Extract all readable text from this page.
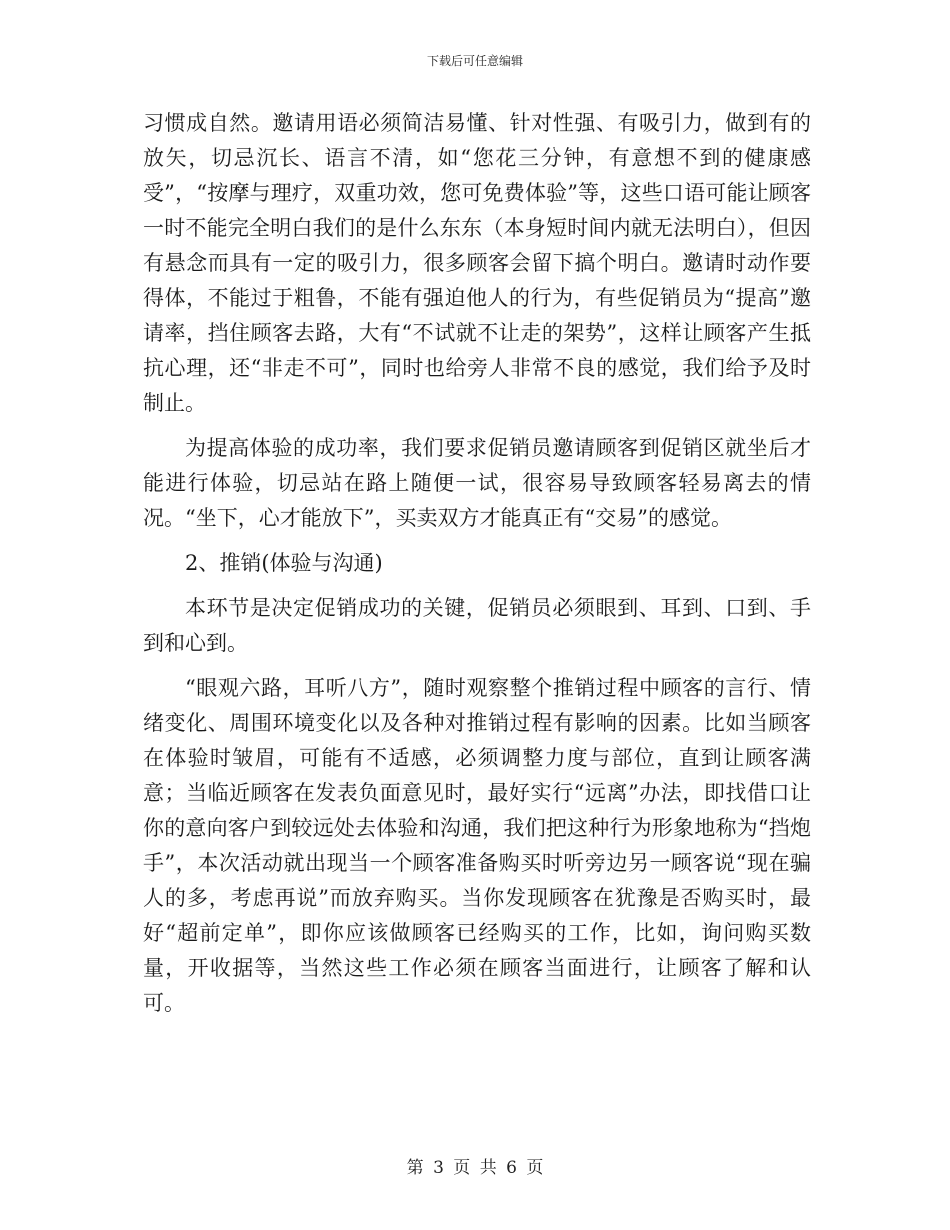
下载后可任意编辑

习惯成自然。邀请用语必须简洁易懂、针对性强、有吸引力，做到有的放矢，切忌沉长、语言不清，如“您花三分钟，有意想不到的健康感受”，“按摩与理疗，双重功效，您可免费体验”等，这些口语可能让顾客一时不能完全明白我们的是什么东东（本身短时间内就无法明白），但因有悬念而具有一定的吸引力，很多顾客会留下搞个明白。邀请时动作要得体，不能过于粗鲁，不能有强迫他人的行为，有些促销员为“提高”邀请率，挡住顾客去路，大有“不试就不让走的架势”，这样让顾客产生抵抗心理，还“非走不可”，同时也给旁人非常不良的感觉，我们给予及时制止。

为提高体验的成功率，我们要求促销员邀请顾客到促销区就坐后才能进行体验，切忌站在路上随便一试，很容易导致顾客轻易离去的情况。“坐下，心才能放下”，买卖双方才能真正有“交易”的感觉。

2、推销(体验与沟通)

本环节是决定促销成功的关键，促销员必须眼到、耳到、口到、手到和心到。

“眼观六路，耳听八方”，随时观察整个推销过程中顾客的言行、情绪变化、周围环境变化以及各种对推销过程有影响的因素。比如当顾客在体验时皱眉，可能有不适感，必须调整力度与部位，直到让顾客满意；当临近顾客在发表负面意见时，最好实行“远离”办法，即找借口让你的意向客户到较远处去体验和沟通，我们把这种行为形象地称为“挡炮手”，本次活动就出现当一个顾客准备购买时听旁边另一顾客说“现在骗人的多，考虑再说”而放弃购买。当你发现顾客在犹豫是否购买时，最好“超前定单”，即你应该做顾客已经购买的工作，比如，询问购买数量，开收据等，当然这些工作必须在顾客当面进行，让顾客了解和认可。

第 3 页 共 6 页
